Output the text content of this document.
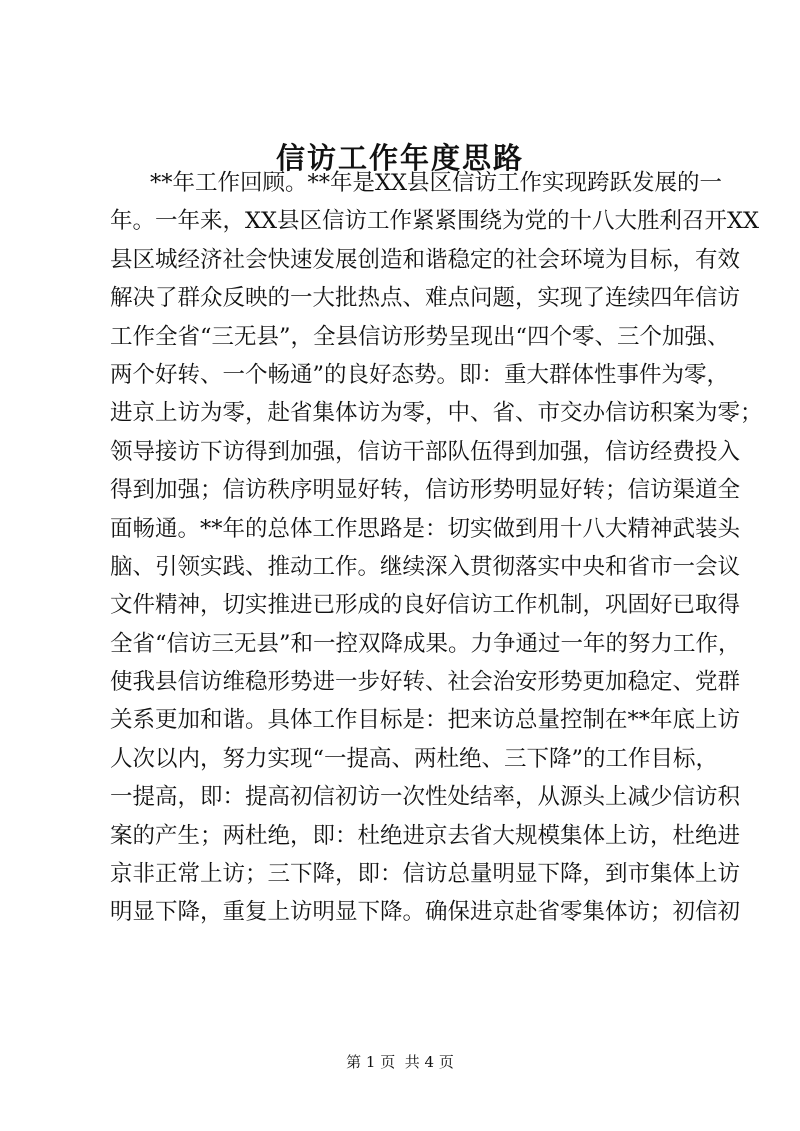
信访工作年度思路
**年工作回顾。**年是XX县区信访工作实现跨跃发展的一
年。一年来，XX县区信访工作紧紧围绕为党的十八大胜利召开XX
县区城经济社会快速发展创造和谐稳定的社会环境为目标，有效
解决了群众反映的一大批热点、难点问题，实现了连续四年信访
工作全省“三无县”，全县信访形势呈现出“四个零、三个加强、
两个好转、一个畅通”的良好态势。即：重大群体性事件为零，
进京上访为零，赴省集体访为零，中、省、市交办信访积案为零；
领导接访下访得到加强，信访干部队伍得到加强，信访经费投入
得到加强；信访秩序明显好转，信访形势明显好转；信访渠道全
面畅通。**年的总体工作思路是：切实做到用十八大精神武装头
脑、引领实践、推动工作。继续深入贯彻落实中央和省市一会议
文件精神，切实推进已形成的良好信访工作机制，巩固好已取得
全省“信访三无县”和一控双降成果。力争通过一年的努力工作，
使我县信访维稳形势进一步好转、社会治安形势更加稳定、党群
关系更加和谐。具体工作目标是：把来访总量控制在**年底上访
人次以内，努力实现“一提高、两杜绝、三下降”的工作目标，
一提高，即：提高初信初访一次性处结率，从源头上减少信访积
案的产生；两杜绝，即：杜绝进京去省大规模集体上访，杜绝进
京非正常上访；三下降，即：信访总量明显下降，到市集体上访
明显下降，重复上访明显下降。确保进京赴省零集体访；初信初
第 1 页  共 4 页
